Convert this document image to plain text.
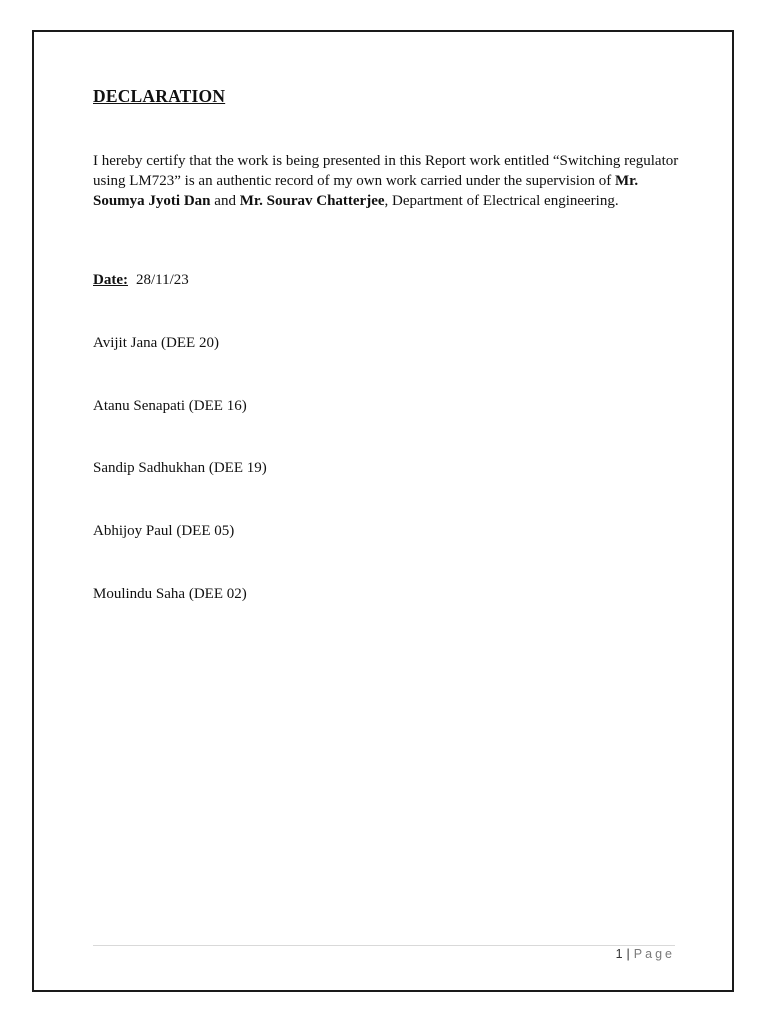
DECLARATION

I hereby certify that the work is being presented in this Report work entitled “Switching regulator using LM723” is an authentic record of my own work carried under the supervision of Mr. Soumya Jyoti Dan and Mr. Sourav Chatterjee, Department of Electrical engineering.

Date: 28/11/23

Avijit Jana (DEE 20)

Atanu Senapati (DEE 16)

Sandip Sadhukhan (DEE 19)

Abhijoy Paul (DEE 05)

Moulindu Saha (DEE 02)

1 | Page
